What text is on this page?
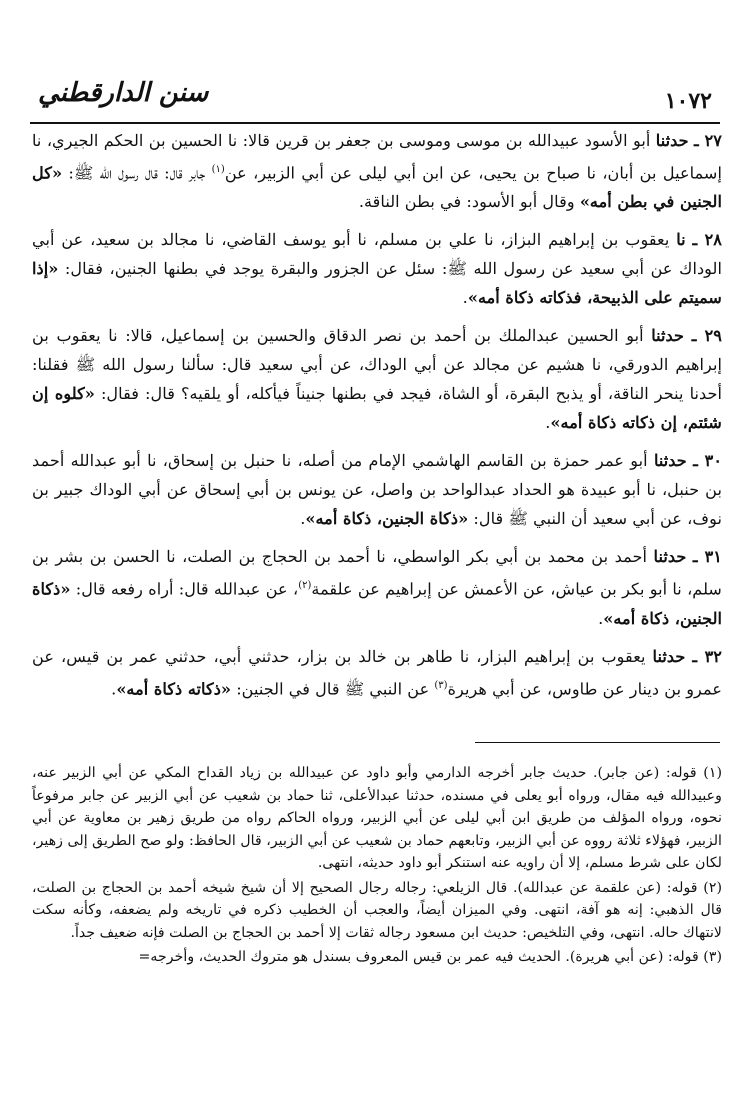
١٠٧٢
سنن الدارقطني

٢٧ ـ حدثنا أبو الأسود عبيدالله بن موسى وموسى بن جعفر بن قرين قالا: نا الحسين بن الحكم الجيري، نا إسماعيل بن أبان، نا صباح بن يحيى، عن ابن أبي ليلى عن أبي الزبير، عن$^{(١)}$ جابر قال: قال رسول الله ﷺ: «كل الجنين في بطن أمه» وقال أبو الأسود: في بطن الناقة.

٢٨ ـ نا يعقوب بن إبراهيم البزاز، نا علي بن مسلم، نا أبو يوسف القاضي، نا مجالد بن سعيد، عن أبي الوداك عن أبي سعيد عن رسول الله ﷺ: سئل عن الجزور والبقرة يوجد في بطنها الجنين، فقال: «إذا سميتم على الذبيحة، فذكاته ذكاة أمه».

٢٩ ـ حدثنا أبو الحسين عبدالملك بن أحمد بن نصر الدقاق والحسين بن إسماعيل، قالا: نا يعقوب بن إبراهيم الدورقي، نا هشيم عن مجالد عن أبي الوداك، عن أبي سعيد قال: سألنا رسول الله ﷺ فقلنا: أحدنا ينحر الناقة، أو يذبح البقرة، أو الشاة، فيجد في بطنها جنيناً فيأكله، أو يلقيه؟ قال: فقال: «كلوه إن شئتم، إن ذكاته ذكاة أمه».

٣٠ ـ حدثنا أبو عمر حمزة بن القاسم الهاشمي الإمام من أصله، نا حنبل بن إسحاق، نا أبو عبدالله أحمد بن حنبل، نا أبو عبيدة هو الحداد عبدالواحد بن واصل، عن يونس بن أبي إسحاق عن أبي الوداك جبير بن نوف، عن أبي سعيد أن النبي ﷺ قال: «ذكاة الجنين، ذكاة أمه».

٣١ ـ حدثنا أحمد بن محمد بن أبي بكر الواسطي، نا أحمد بن الحجاج بن الصلت، نا الحسن بن بشر بن سلم، نا أبو بكر بن عياش، عن الأعمش عن إبراهيم عن علقمة$^{(٢)}$، عن عبدالله قال: أراه رفعه قال: «ذكاة الجنين، ذكاة أمه».

٣٢ ـ حدثنا يعقوب بن إبراهيم البزار، نا طاهر بن خالد بن بزار، حدثني أبي، حدثني عمر بن قيس، عن عمرو بن دينار عن طاوس، عن أبي هريرة$^{(٣)}$ عن النبي ﷺ قال في الجنين: «ذكاته ذكاة أمه».

(١) قوله: (عن جابر). حديث جابر أخرجه الدارمي وأبو داود عن عبيدالله بن زياد القداح المكي عن أبي الزبير عنه، وعبيدالله فيه مقال، ورواه أبو يعلى في مسنده، حدثنا عبدالأعلى، ثنا حماد بن شعيب عن أبي الزبير عن جابر مرفوعاً نحوه، ورواه المؤلف من طريق ابن أبي ليلى عن أبي الزبير، ورواه الحاكم رواه من طريق زهير بن معاوية عن أبي الزبير، فهؤلاء ثلاثة رووه عن أبي الزبير، وتابعهم حماد بن شعيب عن أبي الزبير، قال الحافظ: ولو صح الطريق إلى زهير، لكان على شرط مسلم، إلا أن راويه عنه استنكر أبو داود حديثه، انتهى.

(٢) قوله: (عن علقمة عن عبدالله). قال الزيلعي: رجاله رجال الصحيح إلا أن شيخ شيخه أحمد بن الحجاج بن الصلت، قال الذهبي: إنه هو آفة، انتهى. وفي الميزان أيضاً، والعجب أن الخطيب ذكره في تاريخه ولم يضعفه، وكأنه سكت لانتهاك حاله. انتهى، وفي التلخيص: حديث ابن مسعود رجاله ثقات إلا أحمد بن الحجاج بن الصلت فإنه ضعيف جداً.

(٣) قوله: (عن أبي هريرة). الحديث فيه عمر بن قيس المعروف بسندل هو متروك الحديث، وأخرجه=
